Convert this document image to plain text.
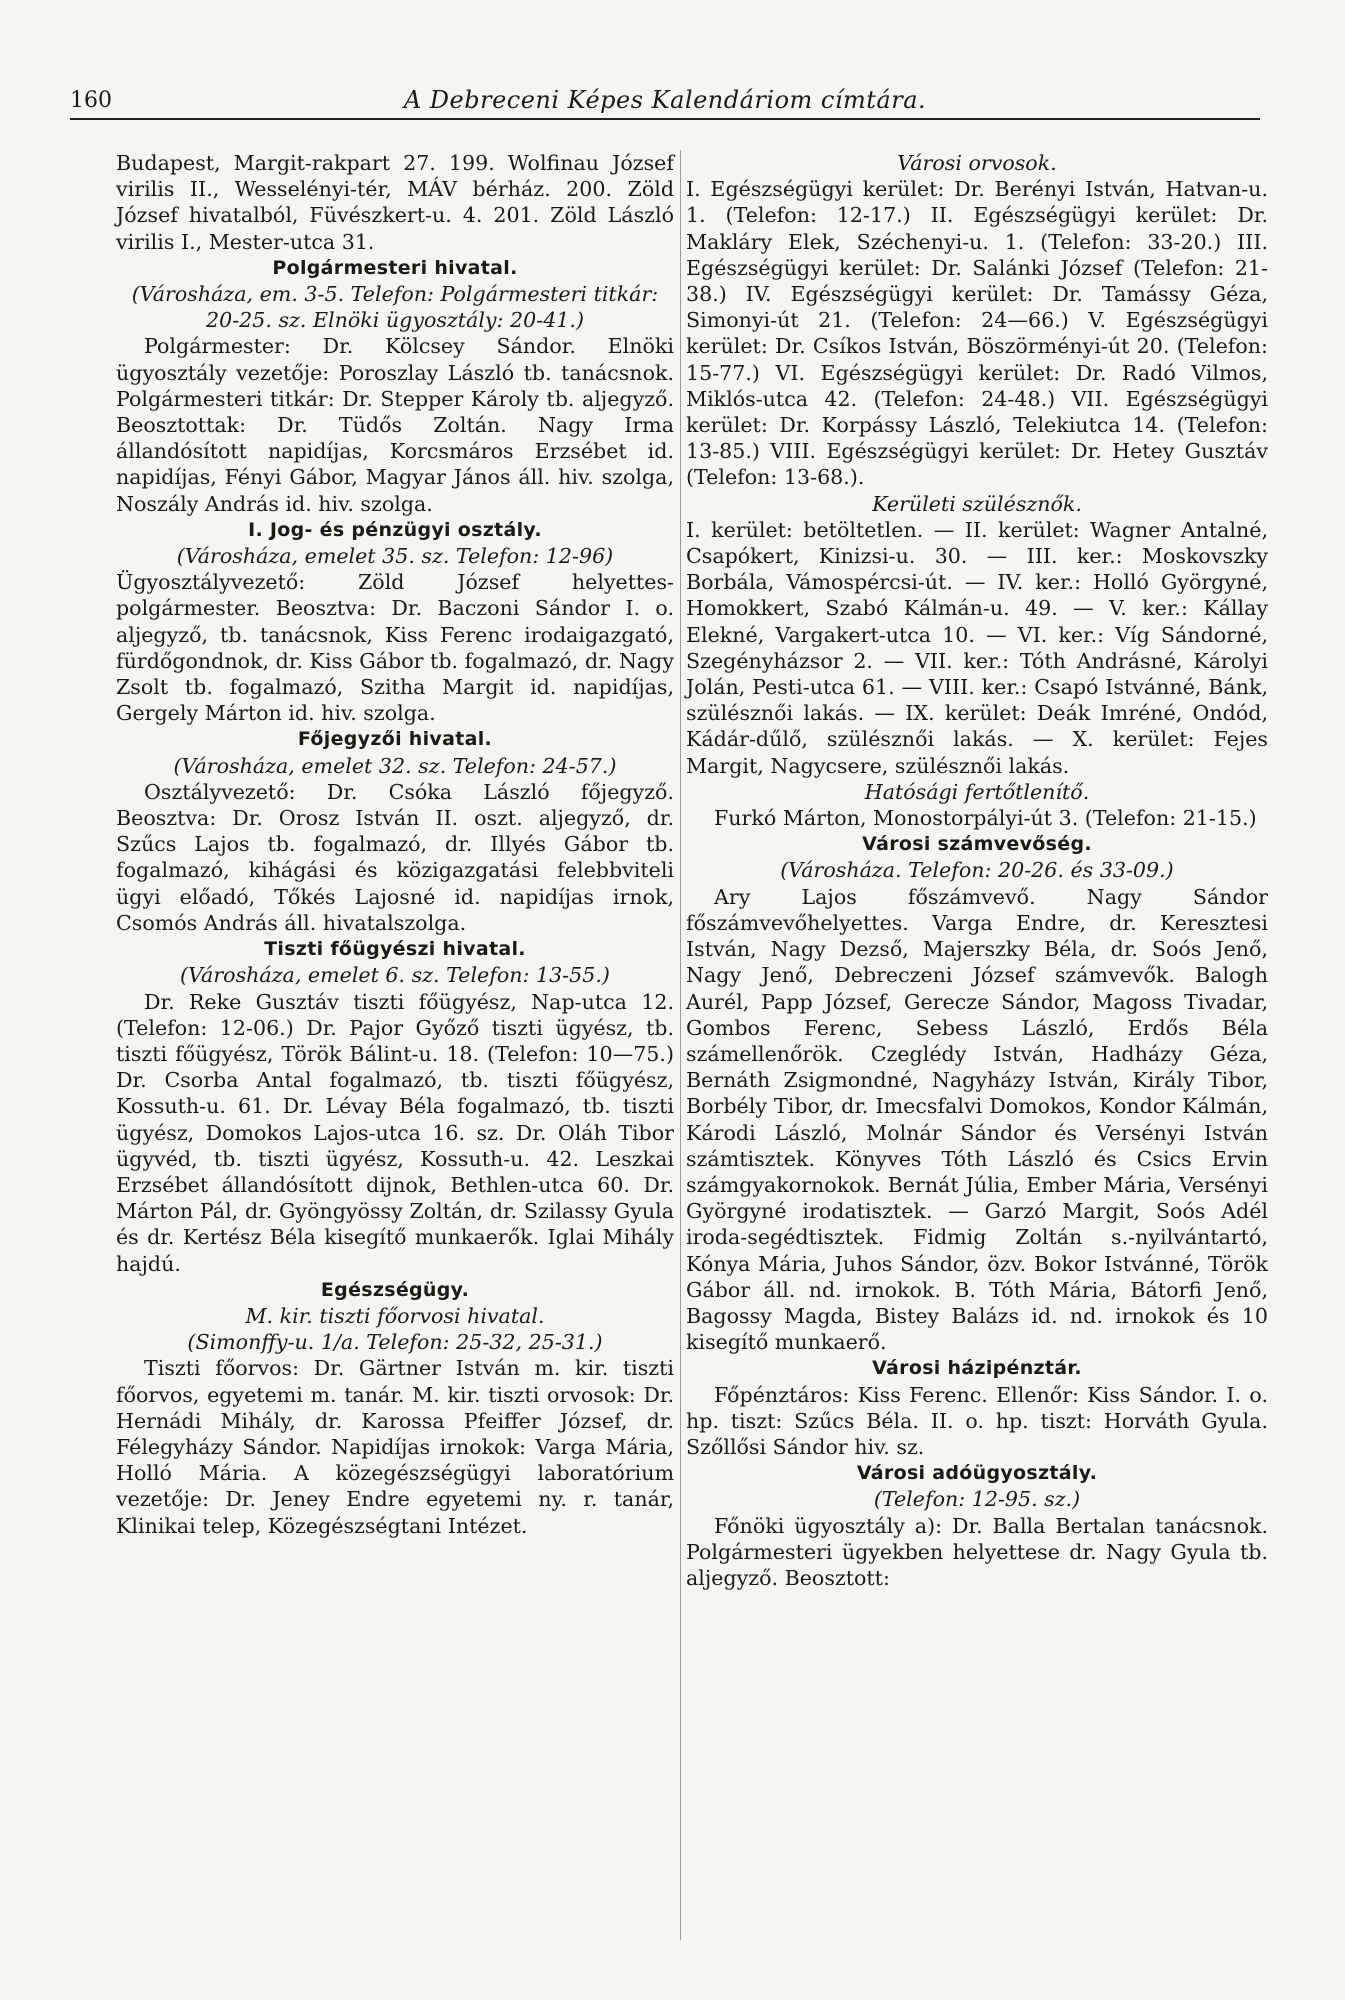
160	A Debreceni Képes Kalendáriom címtára.

Budapest, Margit-rakpart 27. 199. Wolfinau József virilis II., Wesselényi-tér, MÁV bérház. 200. Zöld József hivatalból, Füvészkert-u. 4. 201. Zöld László virilis I., Mester-utca 31.

Polgármesteri hivatal.

(Városháza, em. 3-5. Telefon: Polgármesteri titkár: 20-25. sz. Elnöki ügyosztály: 20-41.)

Polgármester: Dr. Kölcsey Sándor. Elnöki ügyosztály vezetője: Poroszlay László tb. tanácsnok. Polgármesteri titkár: Dr. Stepper Károly tb. aljegyző. Beosztottak: Dr. Tüdős Zoltán. Nagy Irma állandósított napidíjas, Korcsmáros Erzsébet id. napidíjas, Fényi Gábor, Magyar János áll. hiv. szolga, Noszály András id. hiv. szolga.

I. Jog- és pénzügyi osztály.

(Városháza, emelet 35. sz. Telefon: 12-96)

Ügyosztályvezető: Zöld József helyettes-polgármester. Beosztva: Dr. Baczoni Sándor I. o. aljegyző, tb. tanácsnok, Kiss Ferenc irodaigazgató, fürdőgondnok, dr. Kiss Gábor tb. fogalmazó, dr. Nagy Zsolt tb. fogalmazó, Szitha Margit id. napidíjas, Gergely Márton id. hiv. szolga.

Főjegyzői hivatal.

(Városháza, emelet 32. sz. Telefon: 24-57.)

Osztályvezető: Dr. Csóka László főjegyző. Beosztva: Dr. Orosz István II. oszt. aljegyző, dr. Szűcs Lajos tb. fogalmazó, dr. Illyés Gábor tb. fogalmazó, kihágási és közigazgatási felebbviteli ügyi előadó, Tőkés Lajosné id. napidíjas irnok, Csomós András áll. hivatalszolga.

Tiszti főügyészi hivatal.

(Városháza, emelet 6. sz. Telefon: 13-55.)

Dr. Reke Gusztáv tiszti főügyész, Nap-utca 12. (Telefon: 12-06.) Dr. Pajor Győző tiszti ügyész, tb. tiszti főügyész, Török Bálint-u. 18. (Telefon: 10—75.) Dr. Csorba Antal fogalmazó, tb. tiszti főügyész, Kossuth-u. 61. Dr. Lévay Béla fogalmazó, tb. tiszti ügyész, Domokos Lajos-utca 16. sz. Dr. Oláh Tibor ügyvéd, tb. tiszti ügyész, Kossuth-u. 42. Leszkai Erzsébet állandósított dijnok, Bethlen-utca 60. Dr. Márton Pál, dr. Gyöngyössy Zoltán, dr. Szilassy Gyula és dr. Kertész Béla kisegítő munkaerők. Iglai Mihály hajdú.

Egészségügy.

M. kir. tiszti főorvosi hivatal.

(Simonffy-u. 1/a. Telefon: 25-32, 25-31.)

Tiszti főorvos: Dr. Gärtner István m. kir. tiszti főorvos, egyetemi m. tanár. M. kir. tiszti orvosok: Dr. Hernádi Mihály, dr. Karossa Pfeiffer József, dr. Félegyházy Sándor. Napidíjas irnokok: Varga Mária, Holló Mária. A közegészségügyi laboratórium vezetője: Dr. Jeney Endre egyetemi ny. r. tanár, Klinikai telep, Közegészségtani Intézet.

Városi orvosok.

I. Egészségügyi kerület: Dr. Berényi István, Hatvan-u. 1. (Telefon: 12-17.) II. Egészségügyi kerület: Dr. Makláry Elek, Széchenyi-u. 1. (Telefon: 33-20.) III. Egészségügyi kerület: Dr. Salánki József (Telefon: 21-38.) IV. Egészségügyi kerület: Dr. Tamássy Géza, Simonyi-út 21. (Telefon: 24—66.) V. Egészségügyi kerület: Dr. Csíkos István, Böszörményi-út 20. (Telefon: 15-77.) VI. Egészségügyi kerület: Dr. Radó Vilmos, Miklós-utca 42. (Telefon: 24-48.) VII. Egészségügyi kerület: Dr. Korpássy László, Telekiutca 14. (Telefon: 13-85.) VIII. Egészségügyi kerület: Dr. Hetey Gusztáv (Telefon: 13-68.).

Kerületi szülésznők.

I. kerület: betöltetlen. — II. kerület: Wagner Antalné, Csapókert, Kinizsi-u. 30. — III. ker.: Moskovszky Borbála, Vámospércsi-út. — IV. ker.: Holló Györgyné, Homokkert, Szabó Kálmán-u. 49. — V. ker.: Kállay Elekné, Vargakert-utca 10. — VI. ker.: Víg Sándorné, Szegényházsor 2. — VII. ker.: Tóth Andrásné, Károlyi Jolán, Pesti-utca 61. — VIII. ker.: Csapó Istvánné, Bánk, szülésznői lakás. — IX. kerület: Deák Imréné, Ondód, Kádár-dűlő, szülésznői lakás. — X. kerület: Fejes Margit, Nagycsere, szülésznői lakás.

Hatósági fertőtlenítő.

Furkó Márton, Monostorpályi-út 3. (Telefon: 21-15.)

Városi számvevőség.

(Városháza. Telefon: 20-26. és 33-09.)

Ary Lajos főszámvevő. Nagy Sándor főszámvevőhelyettes. Varga Endre, dr. Keresztesi István, Nagy Dezső, Majerszky Béla, dr. Soós Jenő, Nagy Jenő, Debreczeni József számvevők. Balogh Aurél, Papp József, Gerecze Sándor, Magoss Tivadar, Gombos Ferenc, Sebess László, Erdős Béla számellenőrök. Czeglédy István, Hadházy Géza, Bernáth Zsigmondné, Nagyházy István, Király Tibor, Borbély Tibor, dr. Imecsfalvi Domokos, Kondor Kálmán, Károdi László, Molnár Sándor és Versényi István számtisztek. Könyves Tóth László és Csics Ervin számgyakornokok. Bernát Júlia, Ember Mária, Versényi Györgyné irodatisztek. — Garzó Margit, Soós Adél iroda-segédtisztek. Fidmig Zoltán s.-nyilvántartó, Kónya Mária, Juhos Sándor, özv. Bokor Istvánné, Török Gábor áll. nd. irnokok. B. Tóth Mária, Bátorfi Jenő, Bagossy Magda, Bistey Balázs id. nd. irnokok és 10 kisegítő munkaerő.

Városi házipénztár.

Főpénztáros: Kiss Ferenc. Ellenőr: Kiss Sándor. I. o. hp. tiszt: Szűcs Béla. II. o. hp. tiszt: Horváth Gyula. Szőllősi Sándor hiv. sz.

Városi adóügyosztály.

(Telefon: 12-95. sz.)

Főnöki ügyosztály a): Dr. Balla Bertalan tanácsnok. Polgármesteri ügyekben helyettese dr. Nagy Gyula tb. aljegyző. Beosztott:
